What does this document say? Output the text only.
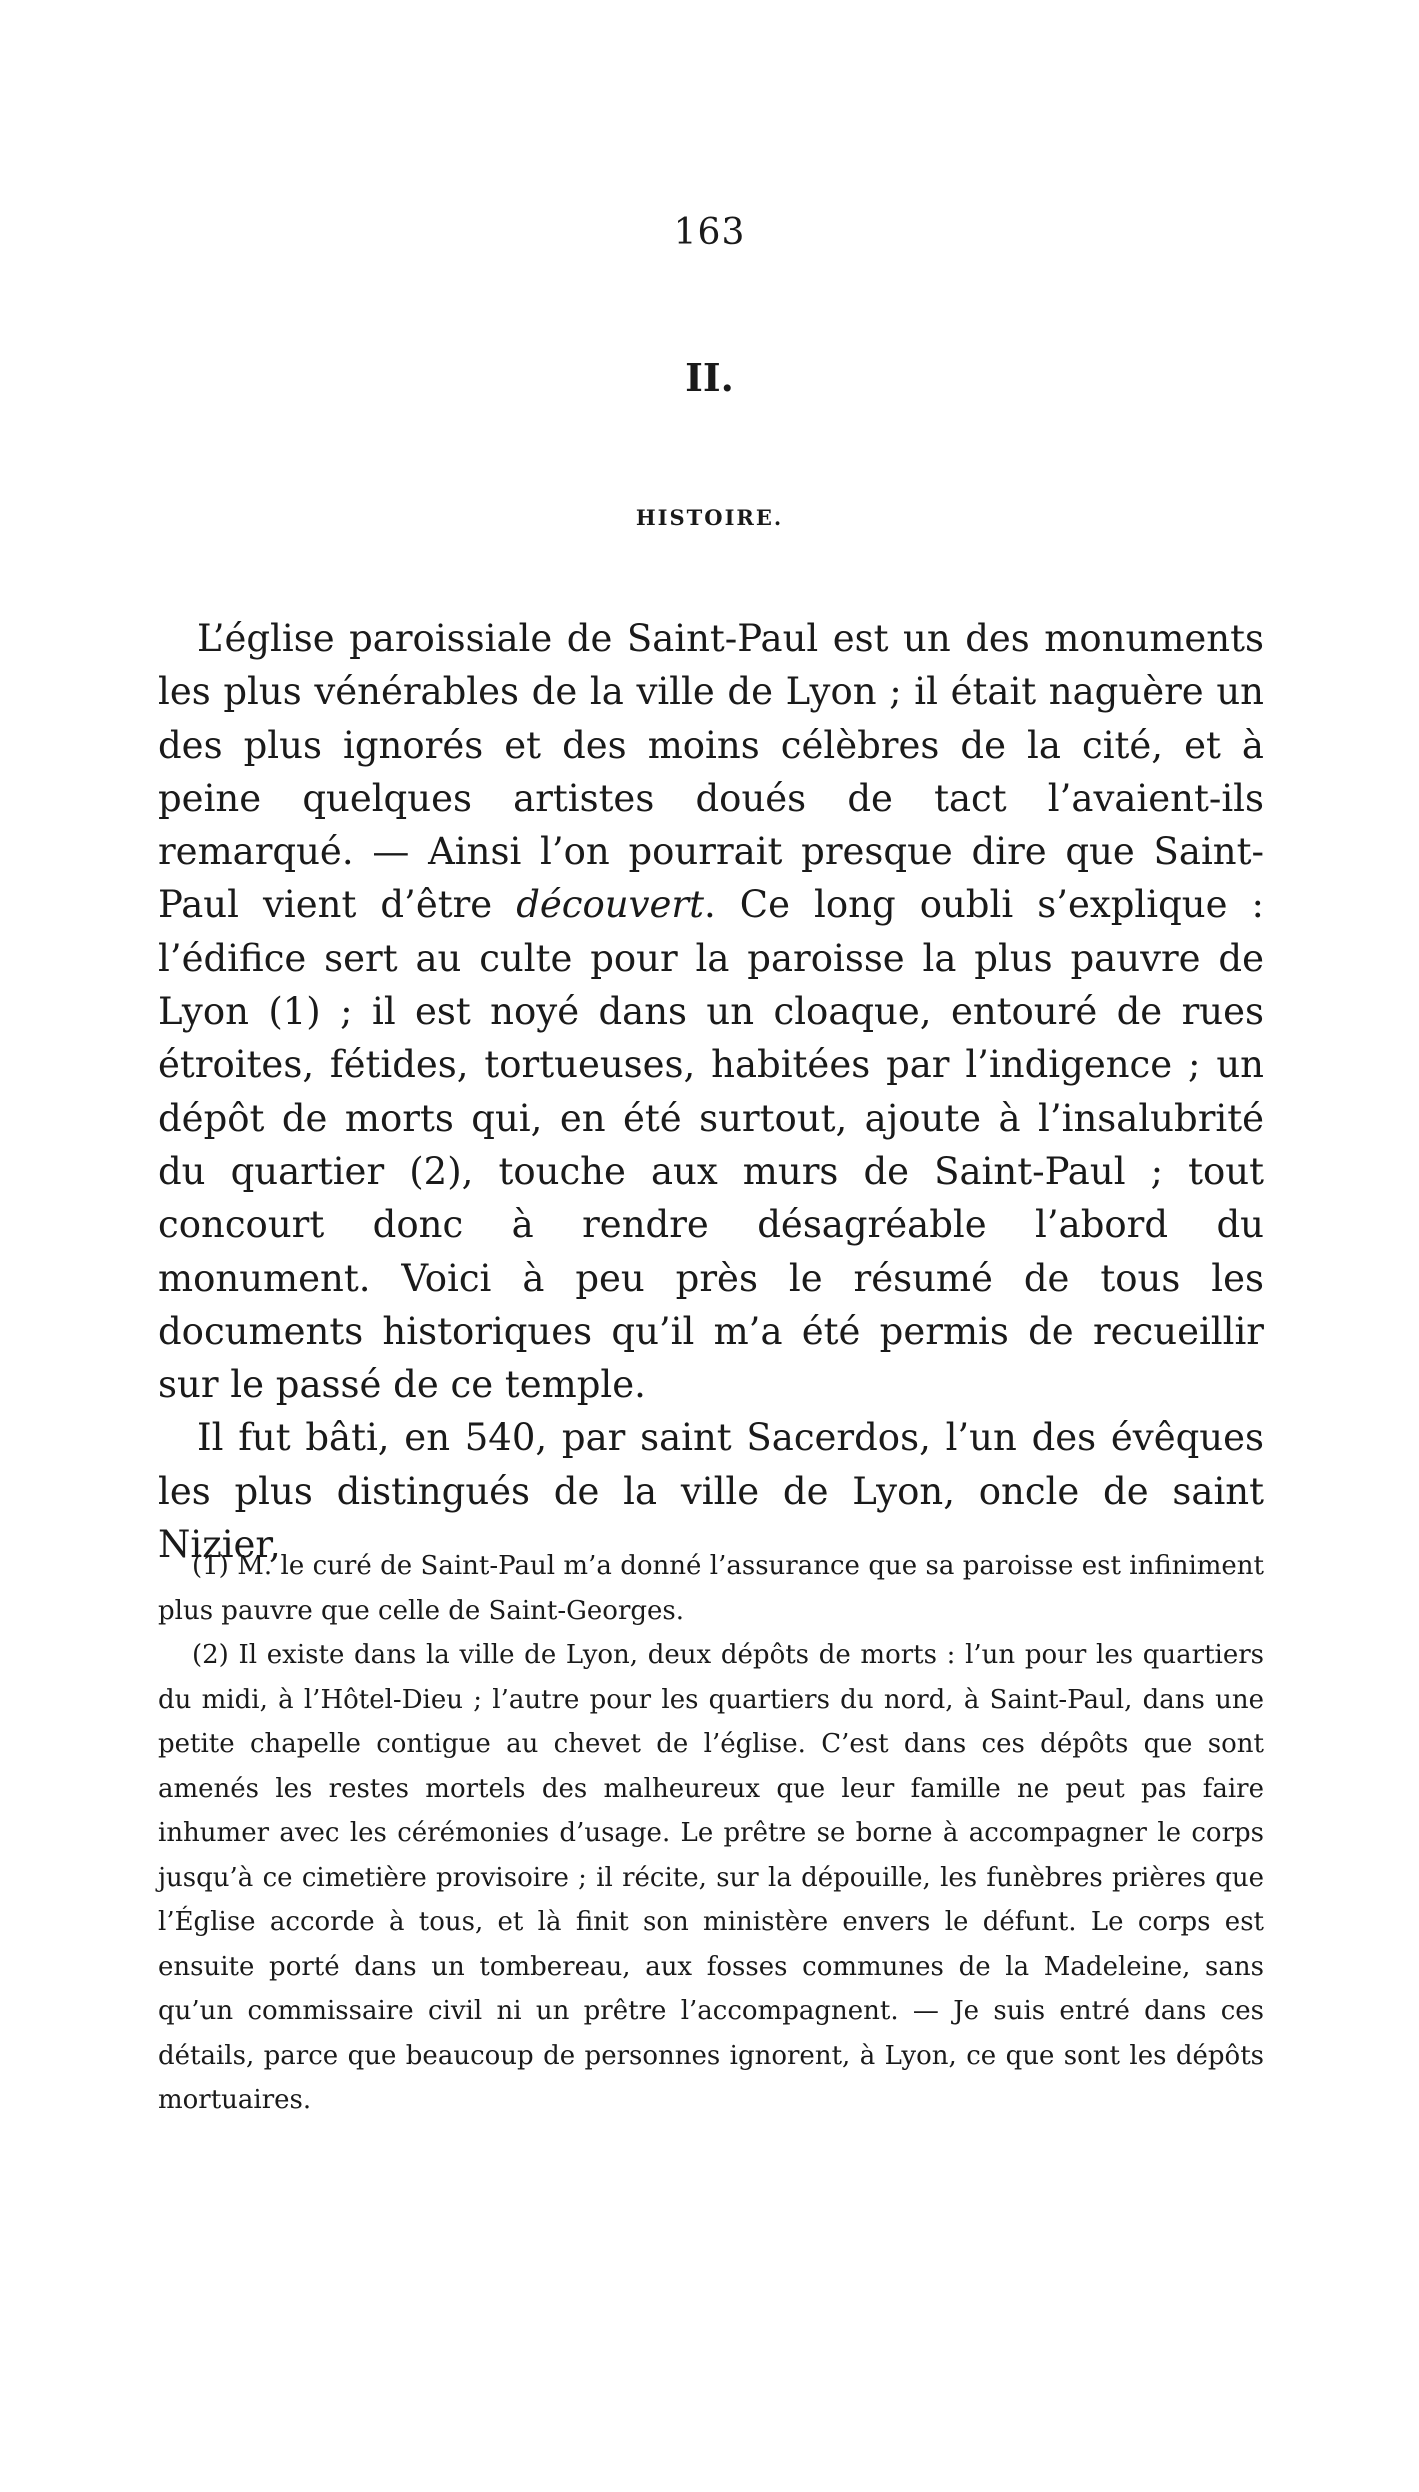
163
II.
HISTOIRE.

L’église paroissiale de Saint-Paul est un des monuments les plus vénérables de la ville de Lyon ; il était naguère un des plus ignorés et des moins célèbres de la cité, et à peine quelques artistes doués de tact l’avaient-ils remarqué. — Ainsi l’on pourrait presque dire que Saint-Paul vient d’être découvert. Ce long oubli s’explique : l’édifice sert au culte pour la paroisse la plus pauvre de Lyon (1) ; il est noyé dans un cloaque, entouré de rues étroites, fétides, tortueuses, habitées par l’indigence ; un dépôt de morts qui, en été surtout, ajoute à l’insalubrité du quartier (2), touche aux murs de Saint-Paul ; tout concourt donc à rendre désagréable l’abord du monument. Voici à peu près le résumé de tous les documents historiques qu’il m’a été permis de recueillir sur le passé de ce temple.

Il fut bâti, en 540, par saint Sacerdos, l’un des évêques les plus distingués de la ville de Lyon, oncle de saint Nizier,

(1) M. le curé de Saint-Paul m’a donné l’assurance que sa paroisse est infiniment plus pauvre que celle de Saint-Georges.

(2) Il existe dans la ville de Lyon, deux dépôts de morts : l’un pour les quartiers du midi, à l’Hôtel-Dieu ; l’autre pour les quartiers du nord, à Saint-Paul, dans une petite chapelle contigue au chevet de l’église. C’est dans ces dépôts que sont amenés les restes mortels des malheureux que leur famille ne peut pas faire inhumer avec les cérémonies d’usage. Le prêtre se borne à accompagner le corps jusqu’à ce cimetière provisoire ; il récite, sur la dépouille, les funèbres prières que l’Église accorde à tous, et là finit son ministère envers le défunt. Le corps est ensuite porté dans un tombereau, aux fosses communes de la Madeleine, sans qu’un commissaire civil ni un prêtre l’accompagnent. — Je suis entré dans ces détails, parce que beaucoup de personnes ignorent, à Lyon, ce que sont les dépôts mortuaires.
